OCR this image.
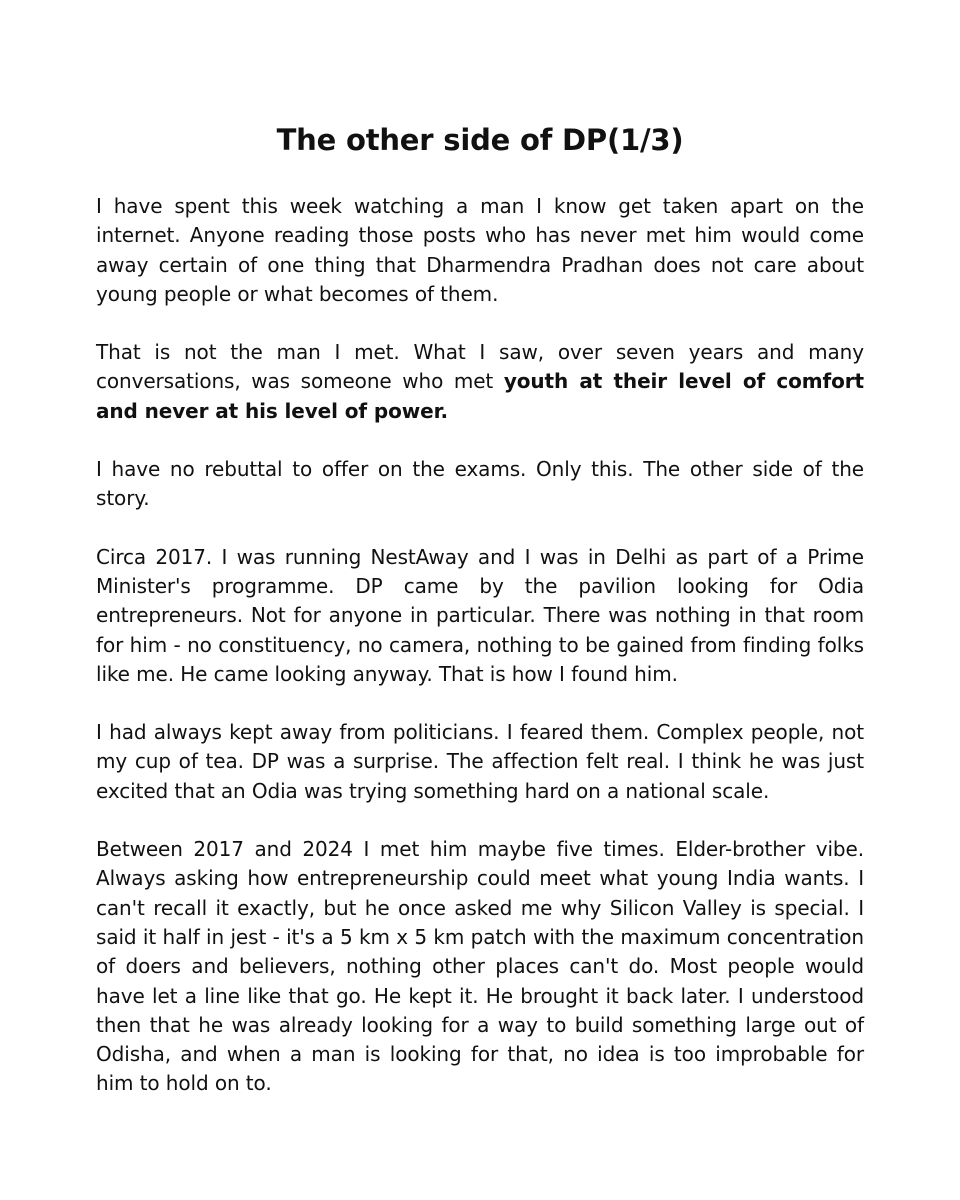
The other side of DP(1/3)

I have spent this week watching a man I know get taken apart on the internet. Anyone reading those posts who has never met him would come away certain of one thing that Dharmendra Pradhan does not care about young people or what becomes of them.

That is not the man I met. What I saw, over seven years and many conversations, was someone who met youth at their level of comfort and never at his level of power.

I have no rebuttal to offer on the exams. Only this. The other side of the story.

Circa 2017. I was running NestAway and I was in Delhi as part of a Prime Minister's programme. DP came by the pavilion looking for Odia entrepreneurs. Not for anyone in particular. There was nothing in that room for him - no constituency, no camera, nothing to be gained from finding folks like me. He came looking anyway. That is how I found him.

I had always kept away from politicians. I feared them. Complex people, not my cup of tea. DP was a surprise. The affection felt real. I think he was just excited that an Odia was trying something hard on a national scale.

Between 2017 and 2024 I met him maybe five times. Elder-brother vibe. Always asking how entrepreneurship could meet what young India wants. I can't recall it exactly, but he once asked me why Silicon Valley is special. I said it half in jest - it's a 5 km x 5 km patch with the maximum concentration of doers and believers, nothing other places can't do. Most people would have let a line like that go. He kept it. He brought it back later. I understood then that he was already looking for a way to build something large out of Odisha, and when a man is looking for that, no idea is too improbable for him to hold on to.
